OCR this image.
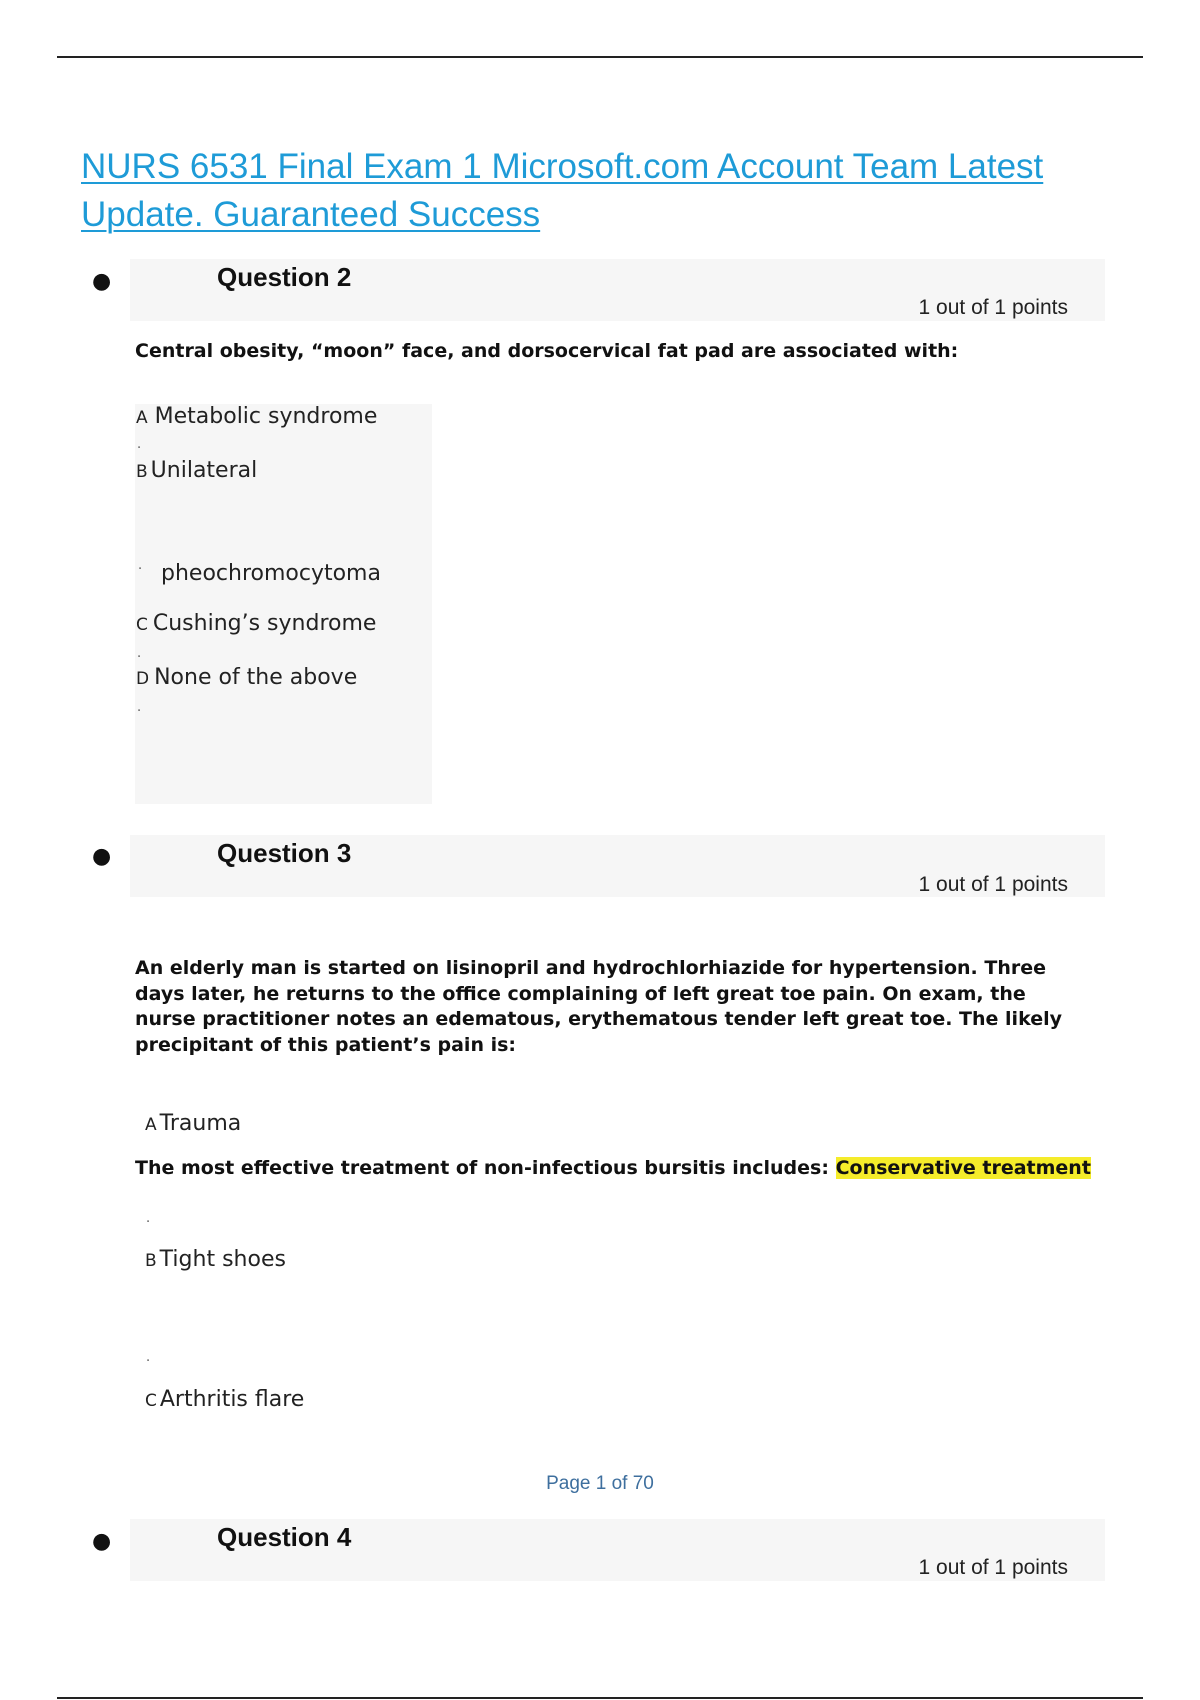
NURS 6531 Final Exam 1 Microsoft.com Account Team Latest Update. Guaranteed Success
●	Question 2
1 out of 1 points

Central obesity, “moon” face, and dorsocervical fat pad are associated with:

A Metabolic syndrome
.
B Unilateral
· pheochromocytoma
C Cushing’s syndrome
.
D None of the above
.
●	Question 3
1 out of 1 points

An elderly man is started on lisinopril and hydrochlorhiazide for hypertension. Three days later, he returns to the office complaining of left great toe pain. On exam, the nurse practitioner notes an edematous, erythematous tender left great toe. The likely precipitant of this patient’s pain is:

A Trauma

The most effective treatment of non-infectious bursitis includes: Conservative treatment

.
B Tight shoes
.
C Arthritis flare
Page 1 of 70
●	Question 4
1 out of 1 points
